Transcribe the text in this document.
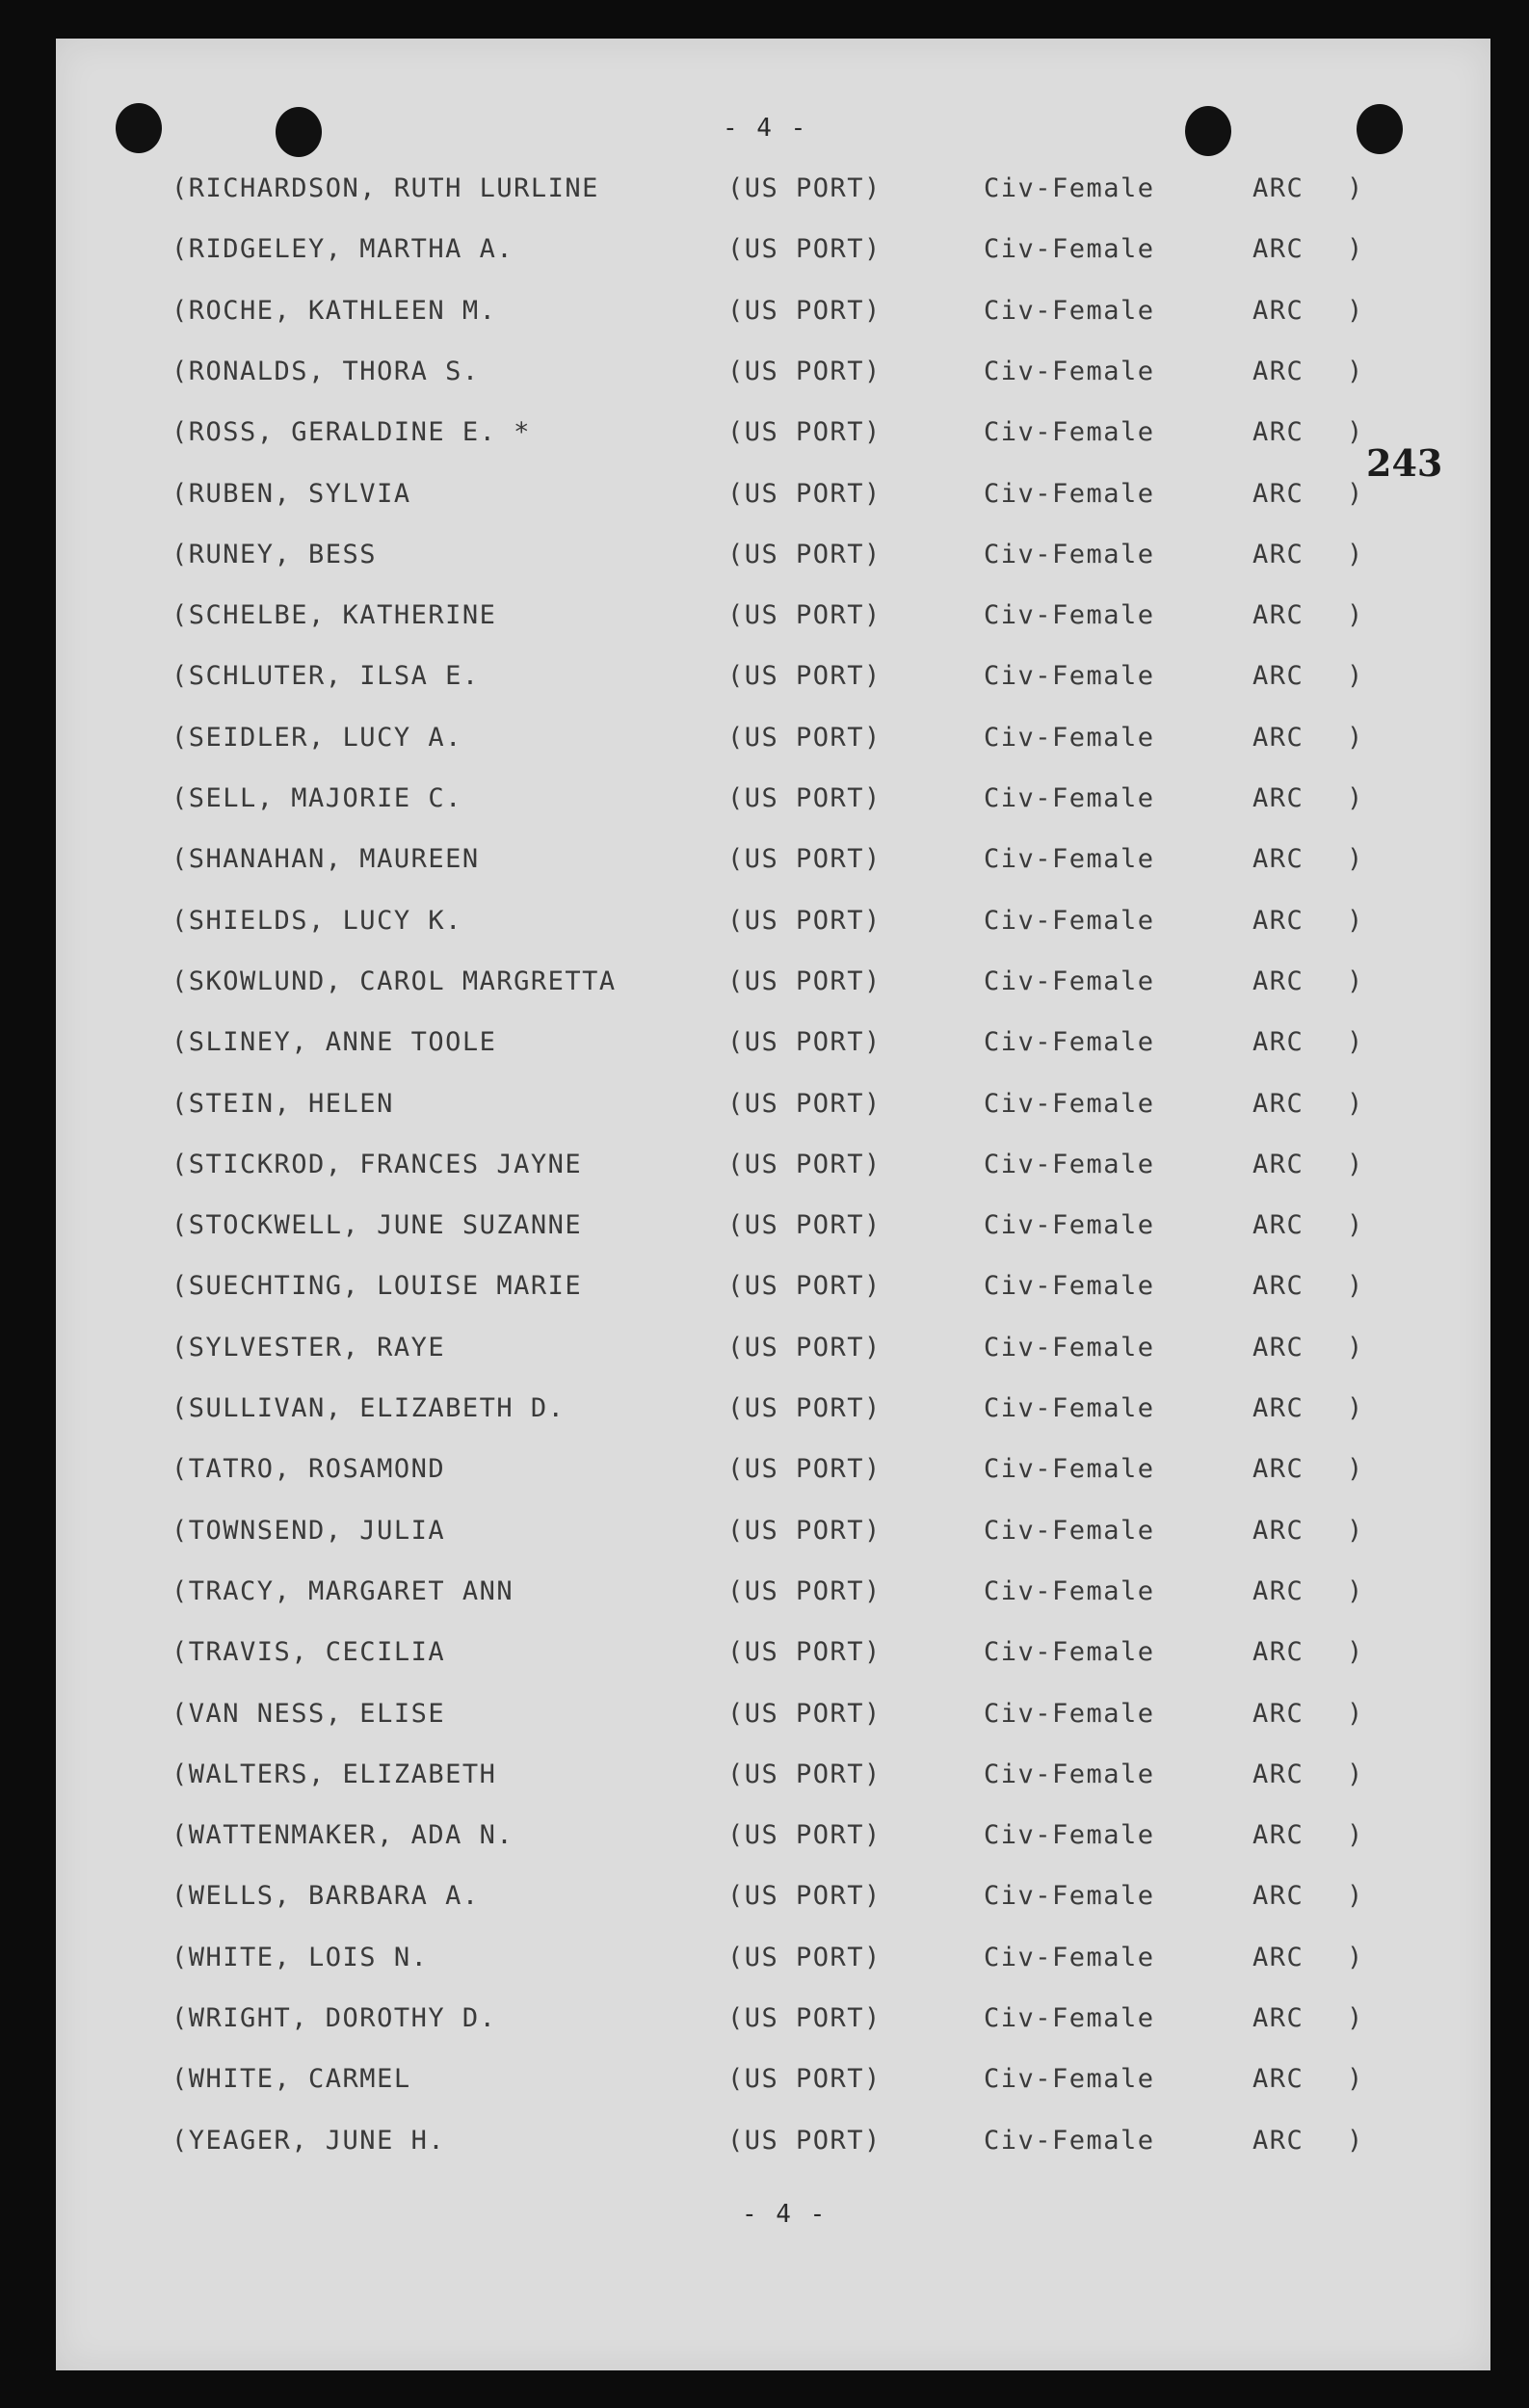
- 4 -
243
(RICHARDSON, RUTH LURLINE	(US PORT)	Civ-Female	ARC )
(RIDGELEY, MARTHA A.	(US PORT)	Civ-Female	ARC )
(ROCHE, KATHLEEN M.	(US PORT)	Civ-Female	ARC )
(RONALDS, THORA S.	(US PORT)	Civ-Female	ARC )
(ROSS, GERALDINE E. *	(US PORT)	Civ-Female	ARC )
(RUBEN, SYLVIA	(US PORT)	Civ-Female	ARC )
(RUNEY, BESS	(US PORT)	Civ-Female	ARC )
(SCHELBE, KATHERINE	(US PORT)	Civ-Female	ARC )
(SCHLUTER, ILSA E.	(US PORT)	Civ-Female	ARC )
(SEIDLER, LUCY A.	(US PORT)	Civ-Female	ARC )
(SELL, MAJORIE C.	(US PORT)	Civ-Female	ARC )
(SHANAHAN, MAUREEN	(US PORT)	Civ-Female	ARC )
(SHIELDS, LUCY K.	(US PORT)	Civ-Female	ARC )
(SKOWLUND, CAROL MARGRETTA	(US PORT)	Civ-Female	ARC )
(SLINEY, ANNE TOOLE	(US PORT)	Civ-Female	ARC )
(STEIN, HELEN	(US PORT)	Civ-Female	ARC )
(STICKROD, FRANCES JAYNE	(US PORT)	Civ-Female	ARC )
(STOCKWELL, JUNE SUZANNE	(US PORT)	Civ-Female	ARC )
(SUECHTING, LOUISE MARIE	(US PORT)	Civ-Female	ARC )
(SYLVESTER, RAYE	(US PORT)	Civ-Female	ARC )
(SULLIVAN, ELIZABETH D.	(US PORT)	Civ-Female	ARC )
(TATRO, ROSAMOND	(US PORT)	Civ-Female	ARC )
(TOWNSEND, JULIA	(US PORT)	Civ-Female	ARC )
(TRACY, MARGARET ANN	(US PORT)	Civ-Female	ARC )
(TRAVIS, CECILIA	(US PORT)	Civ-Female	ARC )
(VAN NESS, ELISE	(US PORT)	Civ-Female	ARC )
(WALTERS, ELIZABETH	(US PORT)	Civ-Female	ARC )
(WATTENMAKER, ADA N.	(US PORT)	Civ-Female	ARC )
(WELLS, BARBARA A.	(US PORT)	Civ-Female	ARC )
(WHITE, LOIS N.	(US PORT)	Civ-Female	ARC )
(WRIGHT, DOROTHY D.	(US PORT)	Civ-Female	ARC )
(WHITE, CARMEL	(US PORT)	Civ-Female	ARC )
(YEAGER, JUNE H.	(US PORT)	Civ-Female	ARC )
- 4 -
